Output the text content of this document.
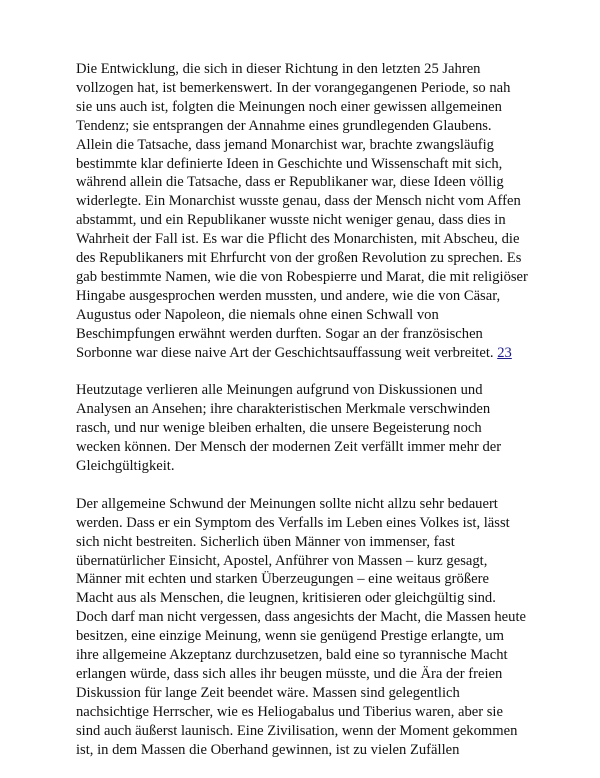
Die Entwicklung, die sich in dieser Richtung in den letzten 25 Jahren vollzogen hat, ist bemerkenswert. In der vorangegangenen Periode, so nah sie uns auch ist, folgten die Meinungen noch einer gewissen allgemeinen Tendenz; sie entsprangen der Annahme eines grundlegenden Glaubens. Allein die Tatsache, dass jemand Monarchist war, brachte zwangsläufig bestimmte klar definierte Ideen in Geschichte und Wissenschaft mit sich, während allein die Tatsache, dass er Republikaner war, diese Ideen völlig widerlegte. Ein Monarchist wusste genau, dass der Mensch nicht vom Affen abstammt, und ein Republikaner wusste nicht weniger genau, dass dies in Wahrheit der Fall ist. Es war die Pflicht des Monarchisten, mit Abscheu, die des Republikaners mit Ehrfurcht von der großen Revolution zu sprechen. Es gab bestimmte Namen, wie die von Robespierre und Marat, die mit religiöser Hingabe ausgesprochen werden mussten, und andere, wie die von Cäsar, Augustus oder Napoleon, die niemals ohne einen Schwall von Beschimpfungen erwähnt werden durften. Sogar an der französischen Sorbonne war diese naive Art der Geschichtsauffassung weit verbreitet. 23

Heutzutage verlieren alle Meinungen aufgrund von Diskussionen und Analysen an Ansehen; ihre charakteristischen Merkmale verschwinden rasch, und nur wenige bleiben erhalten, die unsere Begeisterung noch wecken können. Der Mensch der modernen Zeit verfällt immer mehr der Gleichgültigkeit.

Der allgemeine Schwund der Meinungen sollte nicht allzu sehr bedauert werden. Dass er ein Symptom des Verfalls im Leben eines Volkes ist, lässt sich nicht bestreiten. Sicherlich üben Männer von immenser, fast übernatürlicher Einsicht, Apostel, Anführer von Massen – kurz gesagt, Männer mit echten und starken Überzeugungen – eine weitaus größere Macht aus als Menschen, die leugnen, kritisieren oder gleichgültig sind. Doch darf man nicht vergessen, dass angesichts der Macht, die Massen heute besitzen, eine einzige Meinung, wenn sie genügend Prestige erlangte, um ihre allgemeine Akzeptanz durchzusetzen, bald eine so tyrannische Macht erlangen würde, dass sich alles ihr beugen müsste, und die Ära der freien Diskussion für lange Zeit beendet wäre. Massen sind gelegentlich nachsichtige Herrscher, wie es Heliogabalus und Tiberius waren, aber sie sind auch äußerst launisch. Eine Zivilisation, wenn der Moment gekommen ist, in dem Massen die Oberhand gewinnen, ist zu vielen Zufällen
